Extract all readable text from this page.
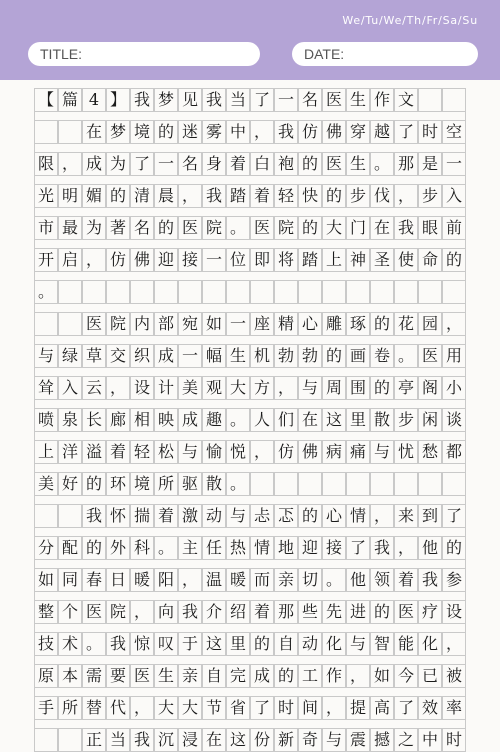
We/Tu/We/Th/Fr/Sa/Su
TITLE:	DATE:
【 篇 4 】 我 梦 见 我 当 了 一 名 医 生 作 文
在 梦 境 的 迷 雾 中 ， 我 仿 佛 穿 越 了 时 空
限 ， 成 为 了 一 名 身 着 白 袍 的 医 生 。 那 是 一
光 明 媚 的 清 晨 ， 我 踏 着 轻 快 的 步 伐 ， 步 入
市 最 为 著 名 的 医 院 。 医 院 的 大 门 在 我 眼 前
开 启 ， 仿 佛 迎 接 一 位 即 将 踏 上 神 圣 使 命 的
。
医 院 内 部 宛 如 一 座 精 心 雕 琢 的 花 园 ，
与 绿 草 交 织 成 一 幅 生 机 勃 勃 的 画 卷 。 医 用
耸 入 云 ， 设 计 美 观 大 方 ， 与 周 围 的 亭 阁 小
喷 泉 长 廊 相 映 成 趣 。 人 们 在 这 里 散 步 闲 谈
上 洋 溢 着 轻 松 与 愉 悦 ， 仿 佛 病 痛 与 忧 愁 都
美 好 的 环 境 所 驱 散 。
我 怀 揣 着 激 动 与 忐 忑 的 心 情 ， 来 到 了
分 配 的 外 科 。 主 任 热 情 地 迎 接 了 我 ， 他 的
如 同 春 日 暖 阳 ， 温 暖 而 亲 切 。 他 领 着 我 参
整 个 医 院 ， 向 我 介 绍 着 那 些 先 进 的 医 疗 设
技 术 。 我 惊 叹 于 这 里 的 自 动 化 与 智 能 化 ，
原 本 需 要 医 生 亲 自 完 成 的 工 作 ， 如 今 已 被
手 所 替 代 ， 大 大 节 省 了 时 间 ， 提 高 了 效 率
正 当 我 沉 浸 在 这 份 新 奇 与 震 撼 之 中 时
